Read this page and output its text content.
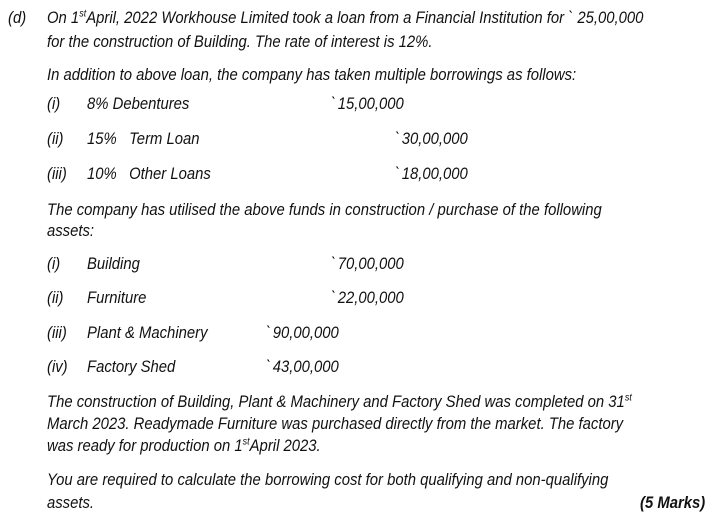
(d) On 1stApril, 2022 Workhouse Limited took a loan from a Financial Institution for ` 25,00,000
for the construction of Building. The rate of interest is 12%.
In addition to above loan, the company has taken multiple borrowings as follows:
(i) 8% Debentures	` 15,00,000
(ii) 15%   Term Loan	` 30,00,000
(iii) 10%   Other Loans	` 18,00,000
The company has utilised the above funds in construction / purchase of the following
assets:
(i) Building	` 70,00,000
(ii) Furniture	` 22,00,000
(iii) Plant & Machinery	` 90,00,000
(iv) Factory Shed	` 43,00,000
The construction of Building, Plant & Machinery and Factory Shed was completed on 31st
March 2023. Readymade Furniture was purchased directly from the market. The factory
was ready for production on 1stApril 2023.
You are required to calculate the borrowing cost for both qualifying and non-qualifying
assets.	(5 Marks)
